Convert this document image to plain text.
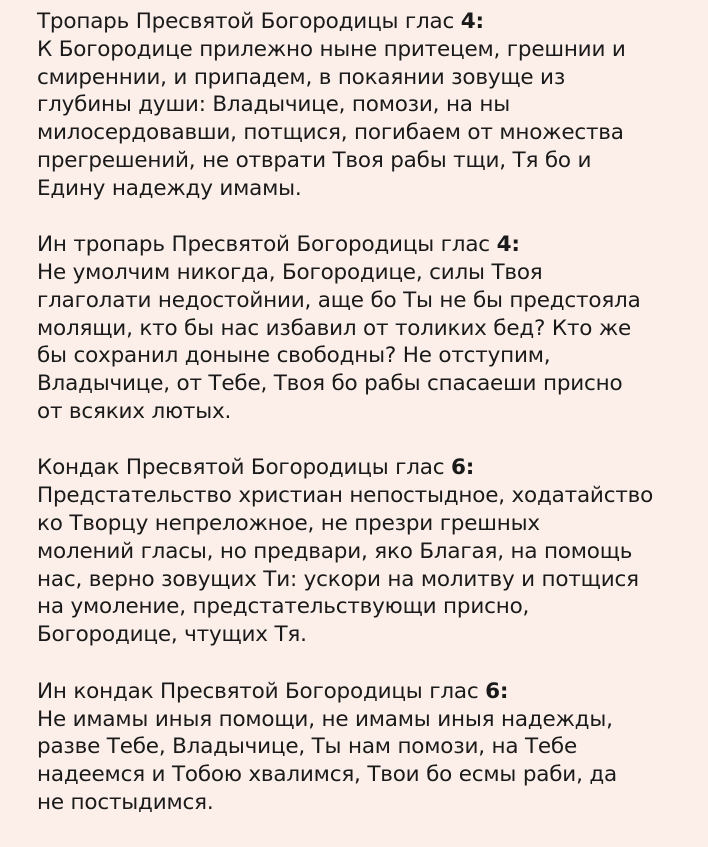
Тропарь Пресвятой Богородицы глас 4:

К Богородице прилежно ныне притецем, грешнии и
смиреннии, и припадем, в покаянии зовуще из
глубины души: Владычице, помози, на ны
милосердовавши, потщися, погибаем от множества
прегрешений, не отврати Твоя рабы тщи, Тя бо и
Едину надежду имамы.

Ин тропарь Пресвятой Богородицы глас 4:

Не умолчим никогда, Богородице, силы Твоя
глаголати недостойнии, аще бо Ты не бы предстояла
молящи, кто бы нас избавил от толиких бед? Кто же
бы сохранил доныне свободны? Не отступим,
Владычице, от Тебе, Твоя бо рабы спасаеши присно
от всяких лютых.

Кондак Пресвятой Богородицы глас 6:

Предстательство христиан непостыдное, ходатайство
ко Творцу непреложное, не презри грешных
молений гласы, но предвари, яко Благая, на помощь
нас, верно зовущих Ти: ускори на молитву и потщися
на умоление, предстательствующи присно,
Богородице, чтущих Тя.

Ин кондак Пресвятой Богородицы глас 6:

Не имамы иныя помощи, не имамы иныя надежды,
разве Тебе, Владычице, Ты нам помози, на Тебе
надеемся и Тобою хвалимся, Твои бо есмы раби, да
не постыдимся.
